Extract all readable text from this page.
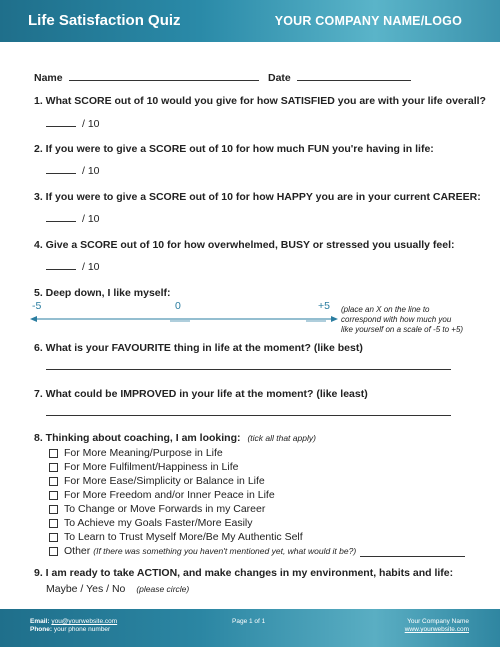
Life Satisfaction Quiz	YOUR COMPANY NAME/LOGO
Name	Date
1. What SCORE out of 10 would you give for how SATISFIED you are with your life overall?
/ 10
2. If you were to give a SCORE out of 10 for how much FUN you're having in life:
/ 10
3. If you were to give a SCORE out of 10 for how HAPPY you are in your current CAREER:
/ 10
4. Give a SCORE out of 10 for how overwhelmed, BUSY or stressed you usually feel:
/ 10
5. Deep down, I like myself:
-5	0	+5 (place an X on the line to
correspond with how much you
like yourself on a scale of -5 to +5)
6. What is your FAVOURITE thing in life at the moment? (like best)
7. What could be IMPROVED in your life at the moment? (like least)
8. Thinking about coaching, I am looking: (tick all that apply)
For More Meaning/Purpose in Life
For More Fulfilment/Happiness in Life
For More Ease/Simplicity or Balance in Life
For More Freedom and/or Inner Peace in Life
To Change or Move Forwards in my Career
To Achieve my Goals Faster/More Easily
To Learn to Trust Myself More/Be My Authentic Self
Other (If there was something you haven't mentioned yet, what would it be?)
9. I am ready to take ACTION, and make changes in my environment, habits and life:
Maybe / Yes / No (please circle)
Email: you@yourwebsite.com
Phone: your phone number
Page 1 of 1	Your Company Name
www.yourwebsite.com
